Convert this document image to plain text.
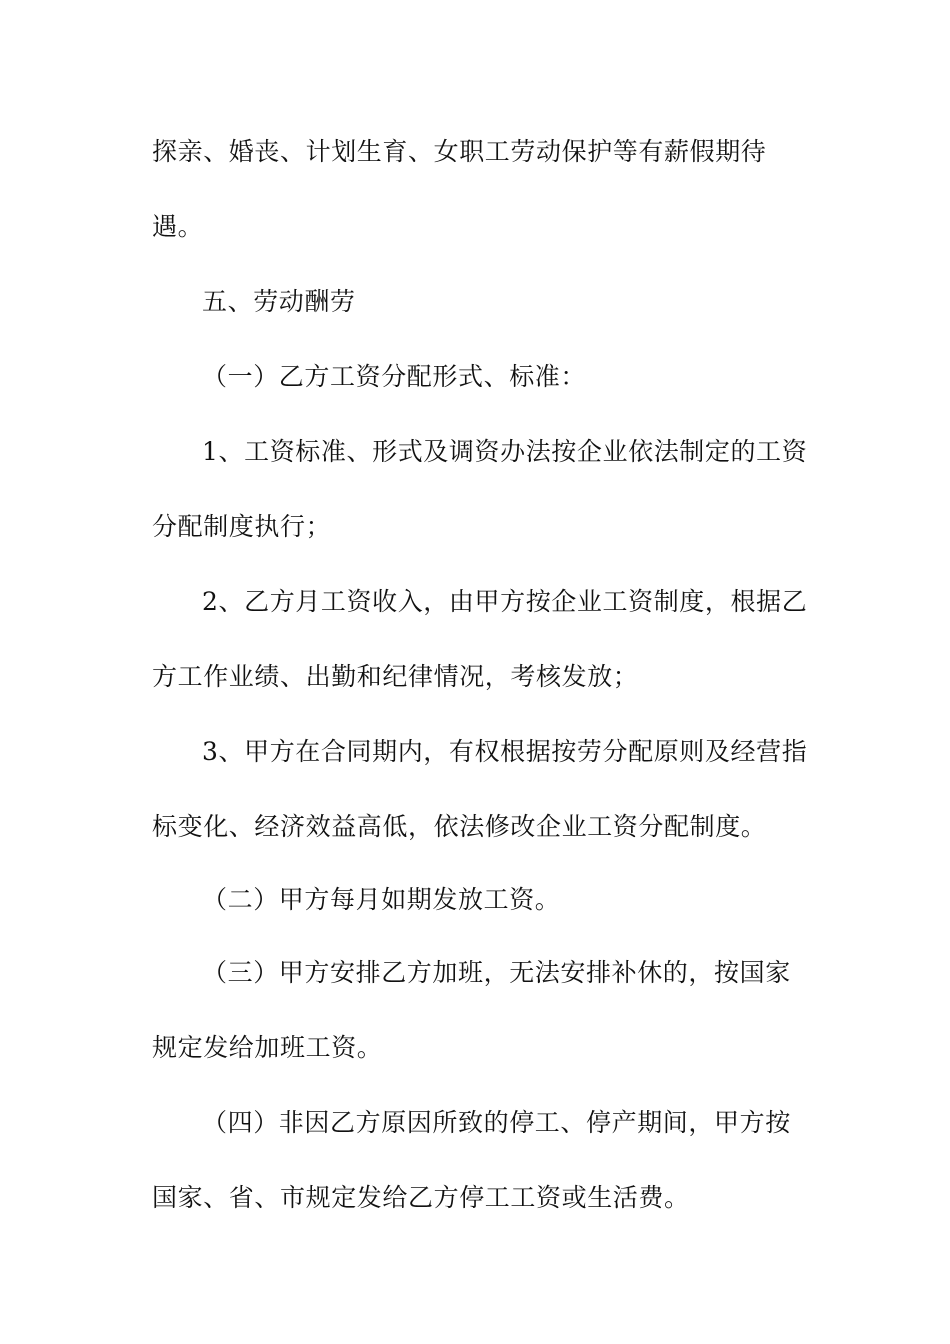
探亲、婚丧、计划生育、女职工劳动保护等有薪假期待
遇。
五、劳动酬劳
（一）乙方工资分配形式、标准：
1、工资标准、形式及调资办法按企业依法制定的工资
分配制度执行；
2、乙方月工资收入，由甲方按企业工资制度，根据乙
方工作业绩、出勤和纪律情况，考核发放；
3、甲方在合同期内，有权根据按劳分配原则及经营指
标变化、经济效益高低，依法修改企业工资分配制度。
（二）甲方每月如期发放工资。
（三）甲方安排乙方加班，无法安排补休的，按国家
规定发给加班工资。
（四）非因乙方原因所致的停工、停产期间，甲方按
国家、省、市规定发给乙方停工工资或生活费。
